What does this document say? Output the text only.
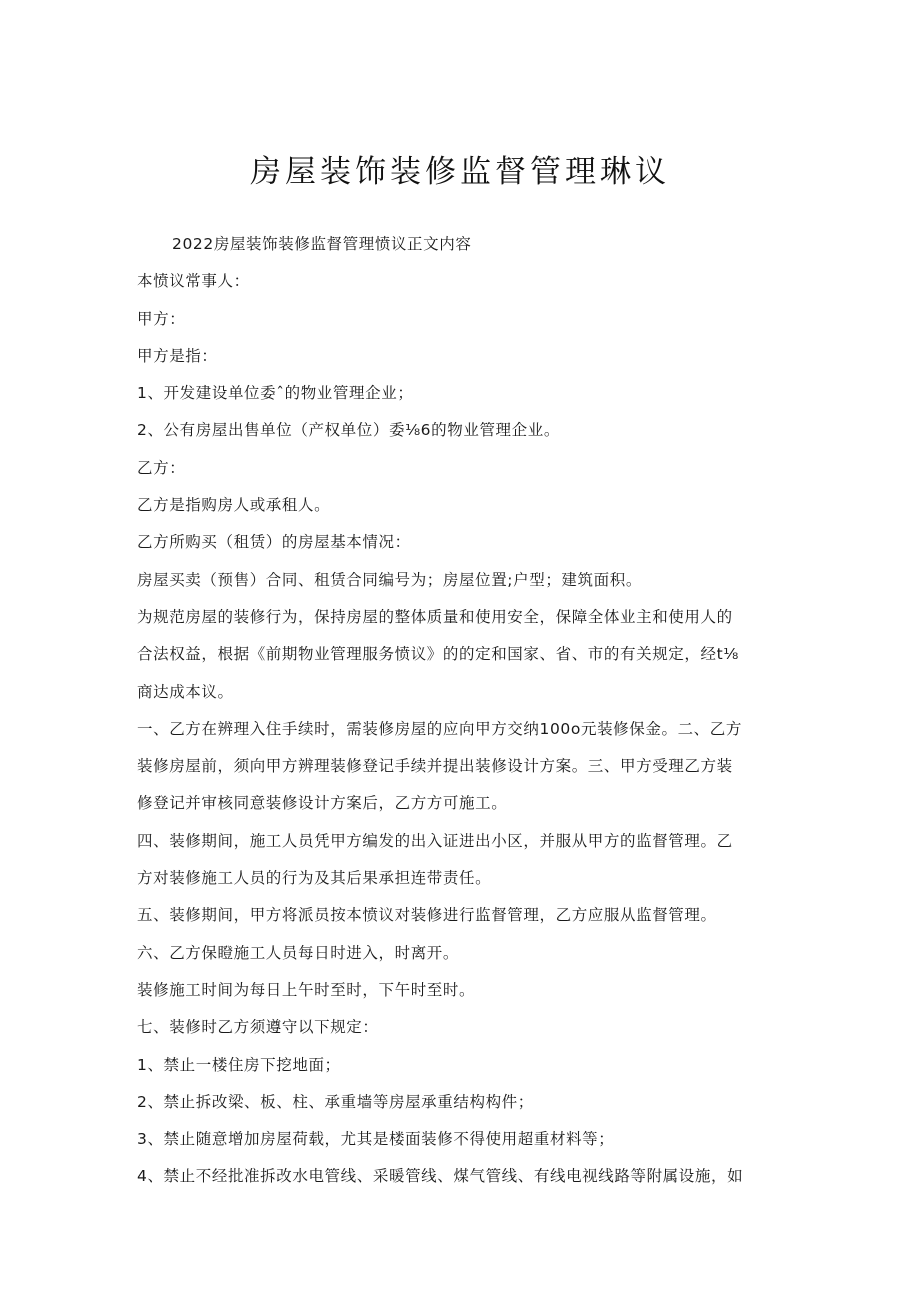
房屋装饰装修监督管理琳议
2022房屋装饰装修监督管理愤议正文内容
本愤议常事人：
甲方：
甲方是指：
1、开发建设单位委ˆ的物业管理企业；
2、公有房屋出售单位（产权单位）委⅛6的物业管理企业。
乙方：
乙方是指购房人或承租人。
乙方所购买（租赁）的房屋基本情况：
房屋买卖（预售）合同、租赁合同编号为；房屋位置;户型；建筑面积。
为规范房屋的装修行为，保持房屋的整体质量和使用安全，保障全体业主和使用人的
合法权益，根据《前期物业管理服务愤议》的的定和国家、省、市的有关规定，经t⅛
商达成本议。
一、乙方在辨理入住手续时，需装修房屋的应向甲方交纳100o元装修保金。二、乙方
装修房屋前，须向甲方辨理装修登记手续并提出装修设计方案。三、甲方受理乙方装
修登记并审核同意装修设计方案后，乙方方可施工。
四、装修期间，施工人员凭甲方编发的出入证进出小区，并服从甲方的监督管理。乙
方对装修施工人员的行为及其后果承担连带责任。
五、装修期间，甲方将派员按本愤议对装修进行监督管理，乙方应服从监督管理。
六、乙方保瞪施工人员每日时进入，时离开。
装修施工时间为每日上午时至时，下午时至时。
七、装修时乙方须遵守以下规定：
1、禁止一楼住房下挖地面；
2、禁止拆改梁、板、柱、承重墙等房屋承重结构构件；
3、禁止随意增加房屋荷载，尤其是楼面装修不得使用超重材料等；
4、禁止不经批准拆改水电管线、采暖管线、煤气管线、有线电视线路等附属设施，如
